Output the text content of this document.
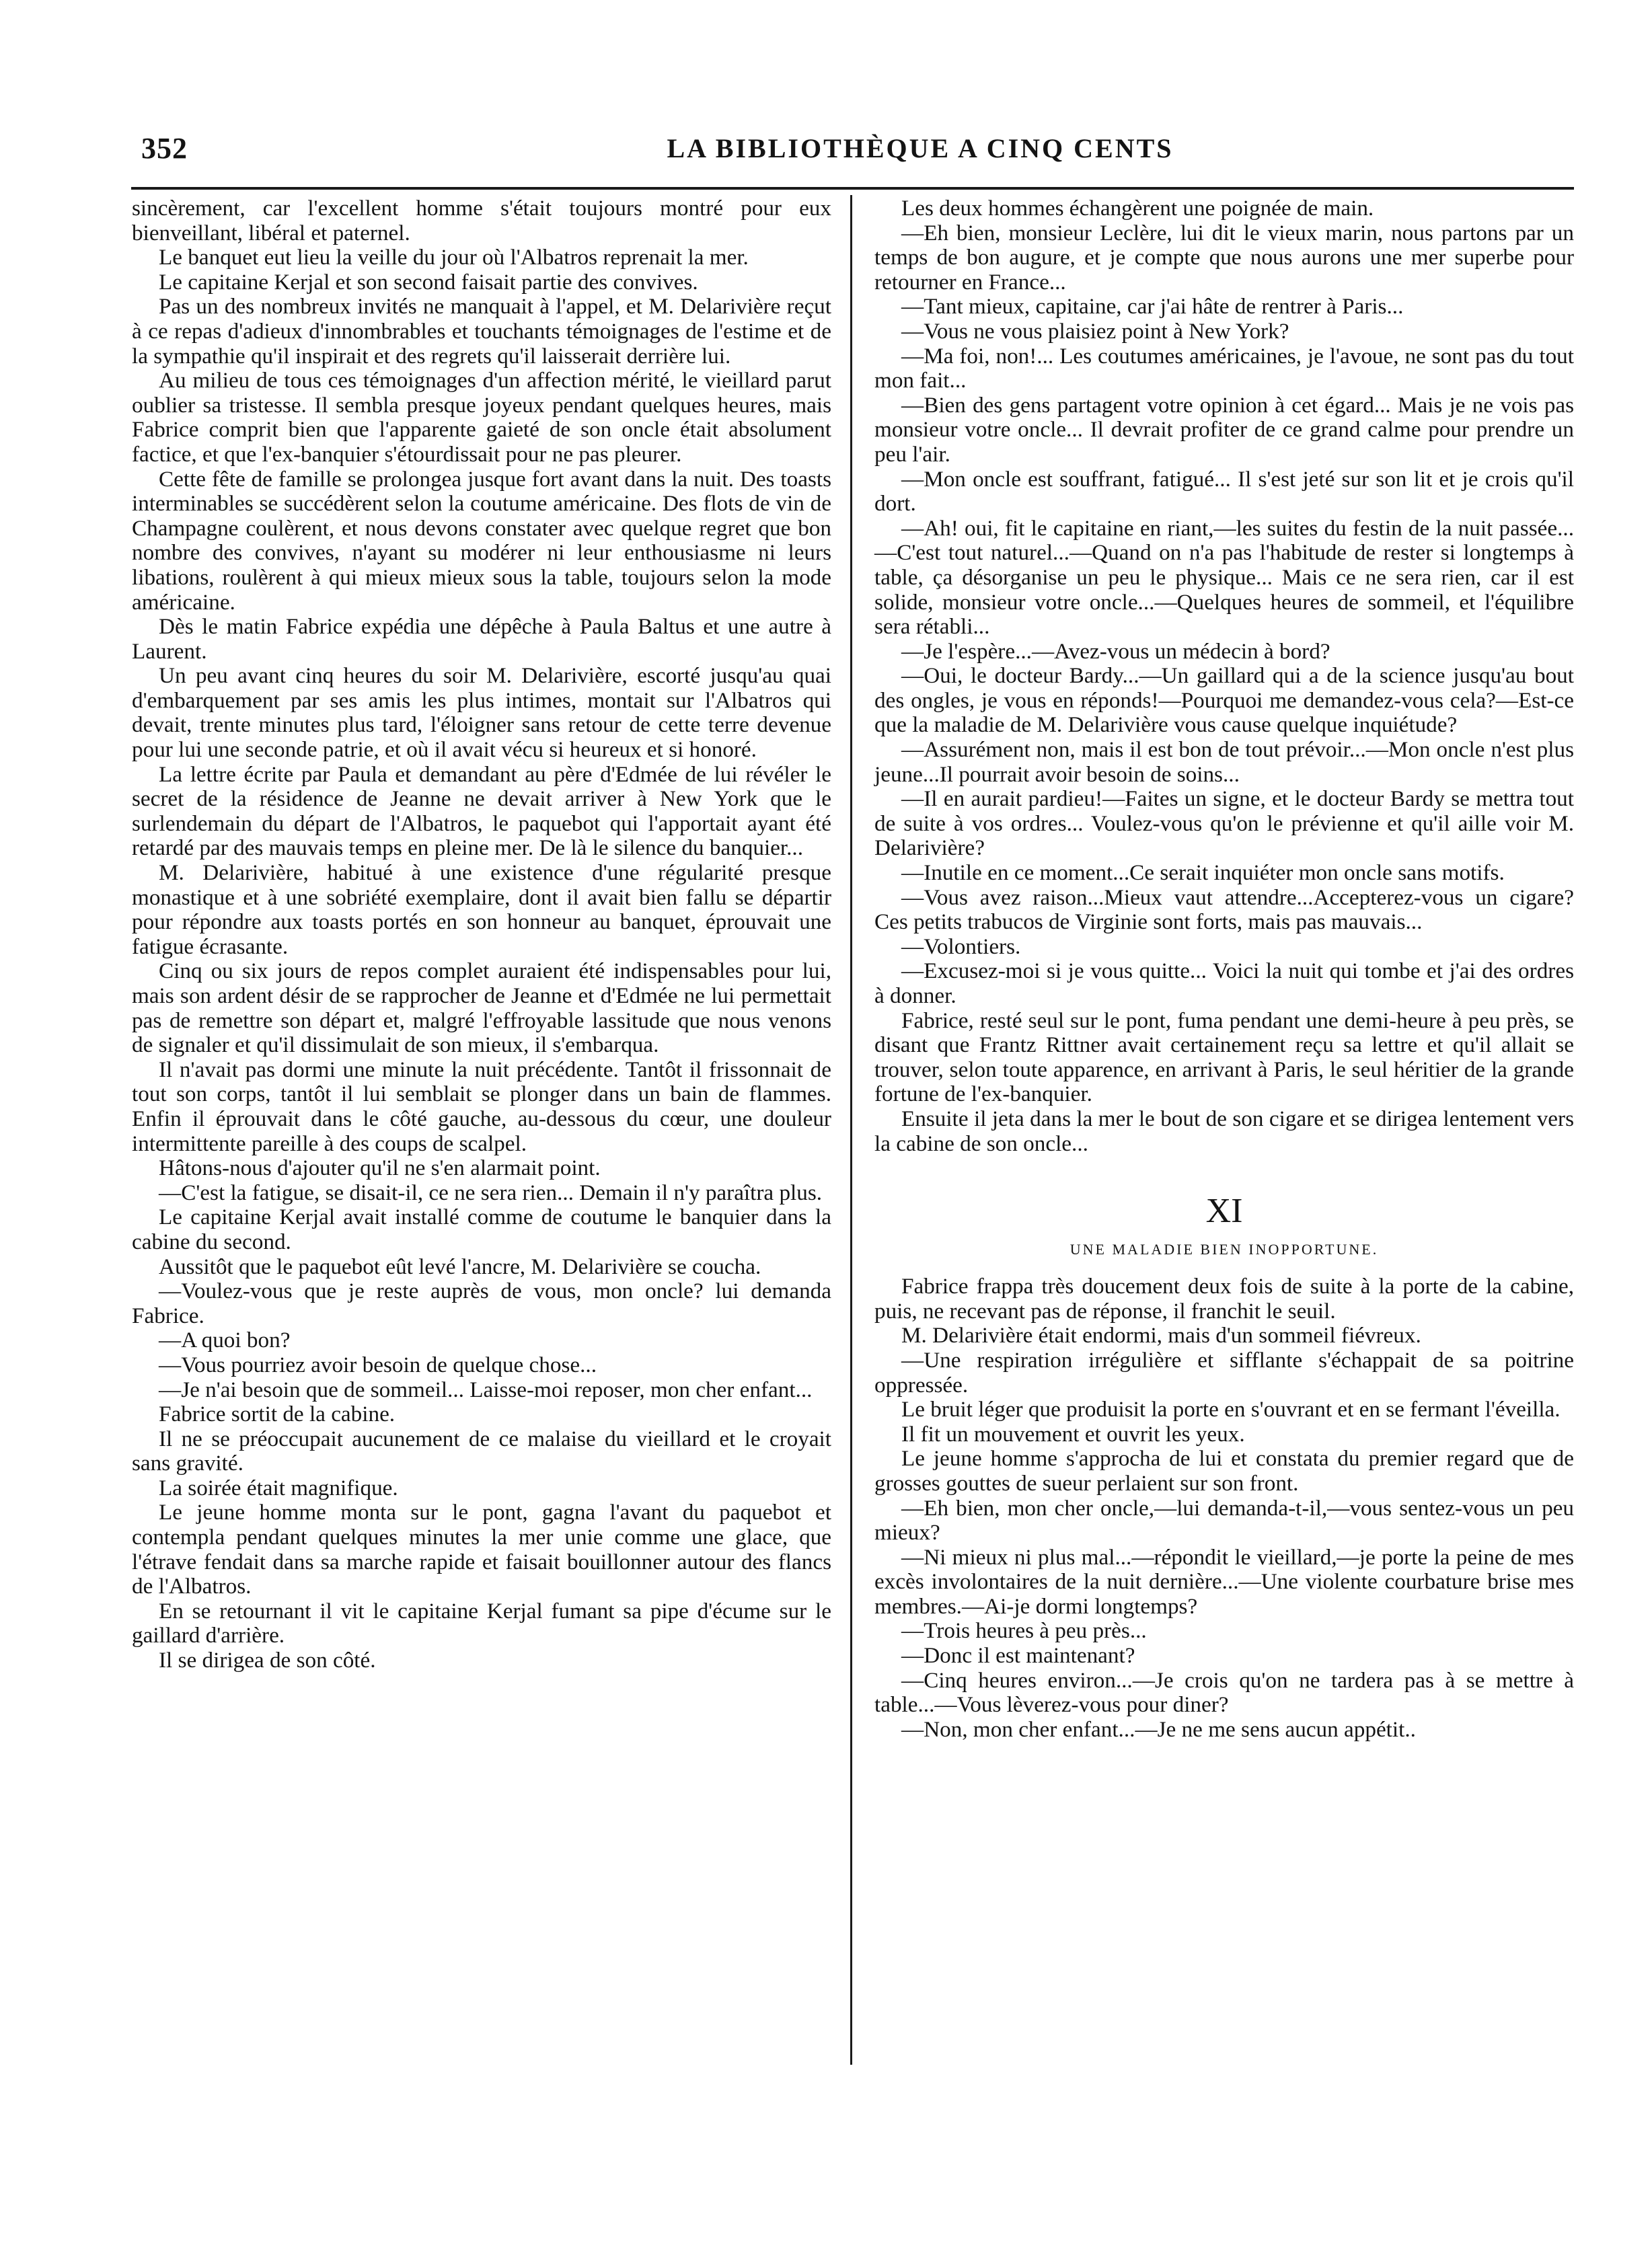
352	LA BIBLIOTHÈQUE A CINQ CENTS

sincèrement, car l'excellent homme s'était toujours montré pour eux bienveillant, libéral et paternel.

Le banquet eut lieu la veille du jour où l'Albatros reprenait la mer.

Le capitaine Kerjal et son second faisait partie des convives.

Pas un des nombreux invités ne manquait à l'appel, et M. Delarivière reçut à ce repas d'adieux d'innombrables et touchants témoignages de l'estime et de la sympathie qu'il inspirait et des regrets qu'il laisserait derrière lui.

Au milieu de tous ces témoignages d'un affection mérité, le vieillard parut oublier sa tristesse. Il sembla presque joyeux pendant quelques heures, mais Fabrice comprit bien que l'apparente gaieté de son oncle était absolument factice, et que l'ex-banquier s'étourdissait pour ne pas pleurer.

Cette fête de famille se prolongea jusque fort avant dans la nuit. Des toasts interminables se succédèrent selon la coutume américaine. Des flots de vin de Champagne coulèrent, et nous devons constater avec quelque regret que bon nombre des convives, n'ayant su modérer ni leur enthousiasme ni leurs libations, roulèrent à qui mieux mieux sous la table, toujours selon la mode américaine.

Dès le matin Fabrice expédia une dépêche à Paula Baltus et une autre à Laurent.

Un peu avant cinq heures du soir M. Delarivière, escorté jusqu'au quai d'embarquement par ses amis les plus intimes, montait sur l'Albatros qui devait, trente minutes plus tard, l'éloigner sans retour de cette terre devenue pour lui une seconde patrie, et où il avait vécu si heureux et si honoré.

La lettre écrite par Paula et demandant au père d'Edmée de lui révéler le secret de la résidence de Jeanne ne devait arriver à New York que le surlendemain du départ de l'Albatros, le paquebot qui l'apportait ayant été retardé par des mauvais temps en pleine mer. De là le silence du banquier...

M. Delarivière, habitué à une existence d'une régularité presque monastique et à une sobriété exemplaire, dont il avait bien fallu se départir pour répondre aux toasts portés en son honneur au banquet, éprouvait une fatigue écrasante.

Cinq ou six jours de repos complet auraient été indispensables pour lui, mais son ardent désir de se rapprocher de Jeanne et d'Edmée ne lui permettait pas de remettre son départ et, malgré l'effroyable lassitude que nous venons de signaler et qu'il dissimulait de son mieux, il s'embarqua.

Il n'avait pas dormi une minute la nuit précédente. Tantôt il frissonnait de tout son corps, tantôt il lui semblait se plonger dans un bain de flammes. Enfin il éprouvait dans le côté gauche, au-dessous du cœur, une douleur intermittente pareille à des coups de scalpel.

Hâtons-nous d'ajouter qu'il ne s'en alarmait point.

—C'est la fatigue, se disait-il, ce ne sera rien... Demain il n'y paraîtra plus.

Le capitaine Kerjal avait installé comme de coutume le banquier dans la cabine du second.

Aussitôt que le paquebot eût levé l'ancre, M. Delarivière se coucha.

—Voulez-vous que je reste auprès de vous, mon oncle? lui demanda Fabrice.

—A quoi bon?

—Vous pourriez avoir besoin de quelque chose...

—Je n'ai besoin que de sommeil... Laisse-moi reposer, mon cher enfant...

Fabrice sortit de la cabine.

Il ne se préoccupait aucunement de ce malaise du vieillard et le croyait sans gravité.

La soirée était magnifique.

Le jeune homme monta sur le pont, gagna l'avant du paquebot et contempla pendant quelques minutes la mer unie comme une glace, que l'étrave fendait dans sa marche rapide et faisait bouillonner autour des flancs de l'Albatros.

En se retournant il vit le capitaine Kerjal fumant sa pipe d'écume sur le gaillard d'arrière.

Il se dirigea de son côté.

Les deux hommes échangèrent une poignée de main.

—Eh bien, monsieur Leclère, lui dit le vieux marin, nous partons par un temps de bon augure, et je compte que nous aurons une mer superbe pour retourner en France...

—Tant mieux, capitaine, car j'ai hâte de rentrer à Paris...

—Vous ne vous plaisiez point à New York?

—Ma foi, non!... Les coutumes américaines, je l'avoue, ne sont pas du tout mon fait...

—Bien des gens partagent votre opinion à cet égard... Mais je ne vois pas monsieur votre oncle... Il devrait profiter de ce grand calme pour prendre un peu l'air.

—Mon oncle est souffrant, fatigué... Il s'est jeté sur son lit et je crois qu'il dort.

—Ah! oui, fit le capitaine en riant,—les suites du festin de la nuit passée...—C'est tout naturel...—Quand on n'a pas l'habitude de rester si longtemps à table, ça désorganise un peu le physique... Mais ce ne sera rien, car il est solide, monsieur votre oncle...—Quelques heures de sommeil, et l'équilibre sera rétabli...

—Je l'espère...—Avez-vous un médecin à bord?

—Oui, le docteur Bardy...—Un gaillard qui a de la science jusqu'au bout des ongles, je vous en réponds!—Pourquoi me demandez-vous cela?—Est-ce que la maladie de M. Delarivière vous cause quelque inquiétude?

—Assurément non, mais il est bon de tout prévoir...—Mon oncle n'est plus jeune...Il pourrait avoir besoin de soins...

—Il en aurait pardieu!—Faites un signe, et le docteur Bardy se mettra tout de suite à vos ordres... Voulez-vous qu'on le prévienne et qu'il aille voir M. Delarivière?

—Inutile en ce moment...Ce serait inquiéter mon oncle sans motifs.

—Vous avez raison...Mieux vaut attendre...Accepterez-vous un cigare? Ces petits trabucos de Virginie sont forts, mais pas mauvais...

—Volontiers.

—Excusez-moi si je vous quitte... Voici la nuit qui tombe et j'ai des ordres à donner.

Fabrice, resté seul sur le pont, fuma pendant une demi-heure à peu près, se disant que Frantz Rittner avait certainement reçu sa lettre et qu'il allait se trouver, selon toute apparence, en arrivant à Paris, le seul héritier de la grande fortune de l'ex-banquier.

Ensuite il jeta dans la mer le bout de son cigare et se dirigea lentement vers la cabine de son oncle...

XI
UNE MALADIE BIEN INOPPORTUNE.

Fabrice frappa très doucement deux fois de suite à la porte de la cabine, puis, ne recevant pas de réponse, il franchit le seuil.

M. Delarivière était endormi, mais d'un sommeil fiévreux.

—Une respiration irrégulière et sifflante s'échappait de sa poitrine oppressée.

Le bruit léger que produisit la porte en s'ouvrant et en se fermant l'éveilla.

Il fit un mouvement et ouvrit les yeux.

Le jeune homme s'approcha de lui et constata du premier regard que de grosses gouttes de sueur perlaient sur son front.

—Eh bien, mon cher oncle,—lui demanda-t-il,—vous sentez-vous un peu mieux?

—Ni mieux ni plus mal...—répondit le vieillard,—je porte la peine de mes excès involontaires de la nuit dernière...—Une violente courbature brise mes membres.—Ai-je dormi longtemps?

—Trois heures à peu près...

—Donc il est maintenant?

—Cinq heures environ...—Je crois qu'on ne tardera pas à se mettre à table...—Vous lèverez-vous pour diner?

—Non, mon cher enfant...—Je ne me sens aucun appétit..
